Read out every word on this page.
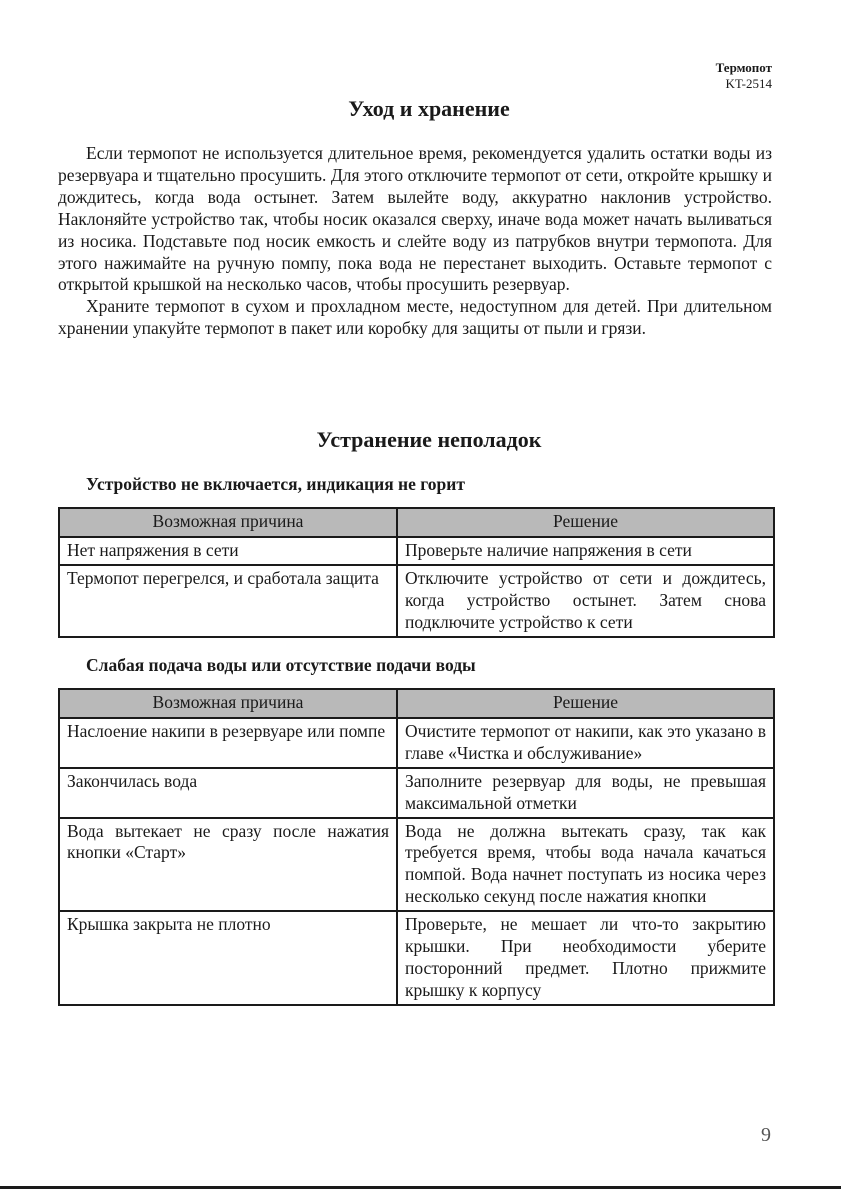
Термопот
KT-2514
Уход и хранение

Если термопот не используется длительное время, рекомендуется удалить остатки воды из резервуара и тщательно просушить. Для этого отключите термопот от сети, откройте крышку и дождитесь, когда вода остынет. Затем вылейте воду, аккуратно наклонив устройство. Наклоняйте устройство так, чтобы носик оказался сверху, иначе вода может начать выливаться из носика. Подставьте под носик емкость и слейте воду из патрубков внутри термопота. Для этого нажимайте на ручную помпу, пока вода не перестанет выходить. Оставьте термопот с открытой крышкой на несколько часов, чтобы просушить резервуар.

Храните термопот в сухом и прохладном месте, недоступном для детей. При длительном хранении упакуйте термопот в пакет или коробку для защиты от пыли и грязи.

Устранение неполадок
Устройство не включается, индикация не горит
Возможная причина	Решение
Нет напряжения в сети	Проверьте наличие напряжения в сети
Термопот перегрелся, и сработала защита	Отключите устройство от сети и дождитесь, когда устройство остынет. Затем снова подключите устройство к сети
Слабая подача воды или отсутствие подачи воды
Возможная причина	Решение
Наслоение накипи в резервуаре или помпе	Очистите термопот от накипи, как это указано в главе «Чистка и обслуживание»
Закончилась вода	Заполните резервуар для воды, не превышая максимальной отметки
Вода вытекает не сразу после нажатия кнопки «Старт»	Вода не должна вытекать сразу, так как требуется время, чтобы вода начала качаться помпой. Вода начнет поступать из носика через несколько секунд после нажатия кнопки
Крышка закрыта не плотно	Проверьте, не мешает ли что-то закрытию крышки. При необходимости уберите посторонний предмет. Плотно прижмите крышку к корпусу
9
